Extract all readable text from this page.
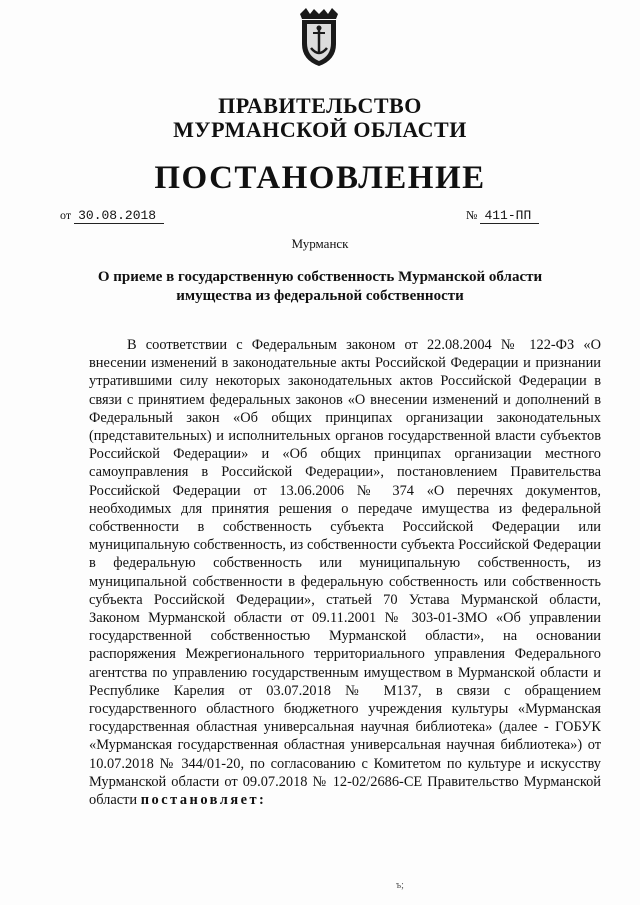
ПРАВИТЕЛЬСТВО
МУРМАНСКОЙ ОБЛАСТИ
ПОСТАНОВЛЕНИЕ
от 30.08.2018	№ 411-ПП
Мурманск
О приеме в государственную собственность Мурманской области
имущества из федеральной собственности
В соответствии с Федеральным законом от 22.08.2004 № 122-ФЗ «О внесении изменений в законодательные акты Российской Федерации и признании утратившими силу некоторых законодательных актов Российской Федерации в связи с принятием федеральных законов «О внесении изменений и дополнений в Федеральный закон «Об общих принципах организации законодательных (представительных) и исполнительных органов государственной власти субъектов Российской Федерации» и «Об общих принципах организации местного самоуправления в Российской Федерации», постановлением Правительства Российской Федерации от 13.06.2006 № 374 «О перечнях документов, необходимых для принятия решения о передаче имущества из федеральной собственности в собственность субъекта Российской Федерации или муниципальную собственность, из собственности субъекта Российской Федерации в федеральную собственность или муниципальную собственность, из муниципальной собственности в федеральную собственность или собственность субъекта Российской Федерации», статьей 70 Устава Мурманской области, Законом Мурманской области от 09.11.2001 № 303-01-ЗМО «Об управлении государственной собственностью Мурманской области», на основании распоряжения Межрегионального территориального управления Федерального агентства по управлению государственным имуществом в Мурманской области и Республике Карелия от 03.07.2018 № М137, в связи с обращением государственного областного бюджетного учреждения культуры «Мурманская государственная областная универсальная научная библиотека» (далее - ГОБУК «Мурманская государственная областная универсальная научная библиотека») от 10.07.2018 № 344/01-20, по согласованию с Комитетом по культуре и искусству Мурманской области от 09.07.2018 № 12-02/2686-СЕ Правительство Мурманской области постановляет:
ъ;
